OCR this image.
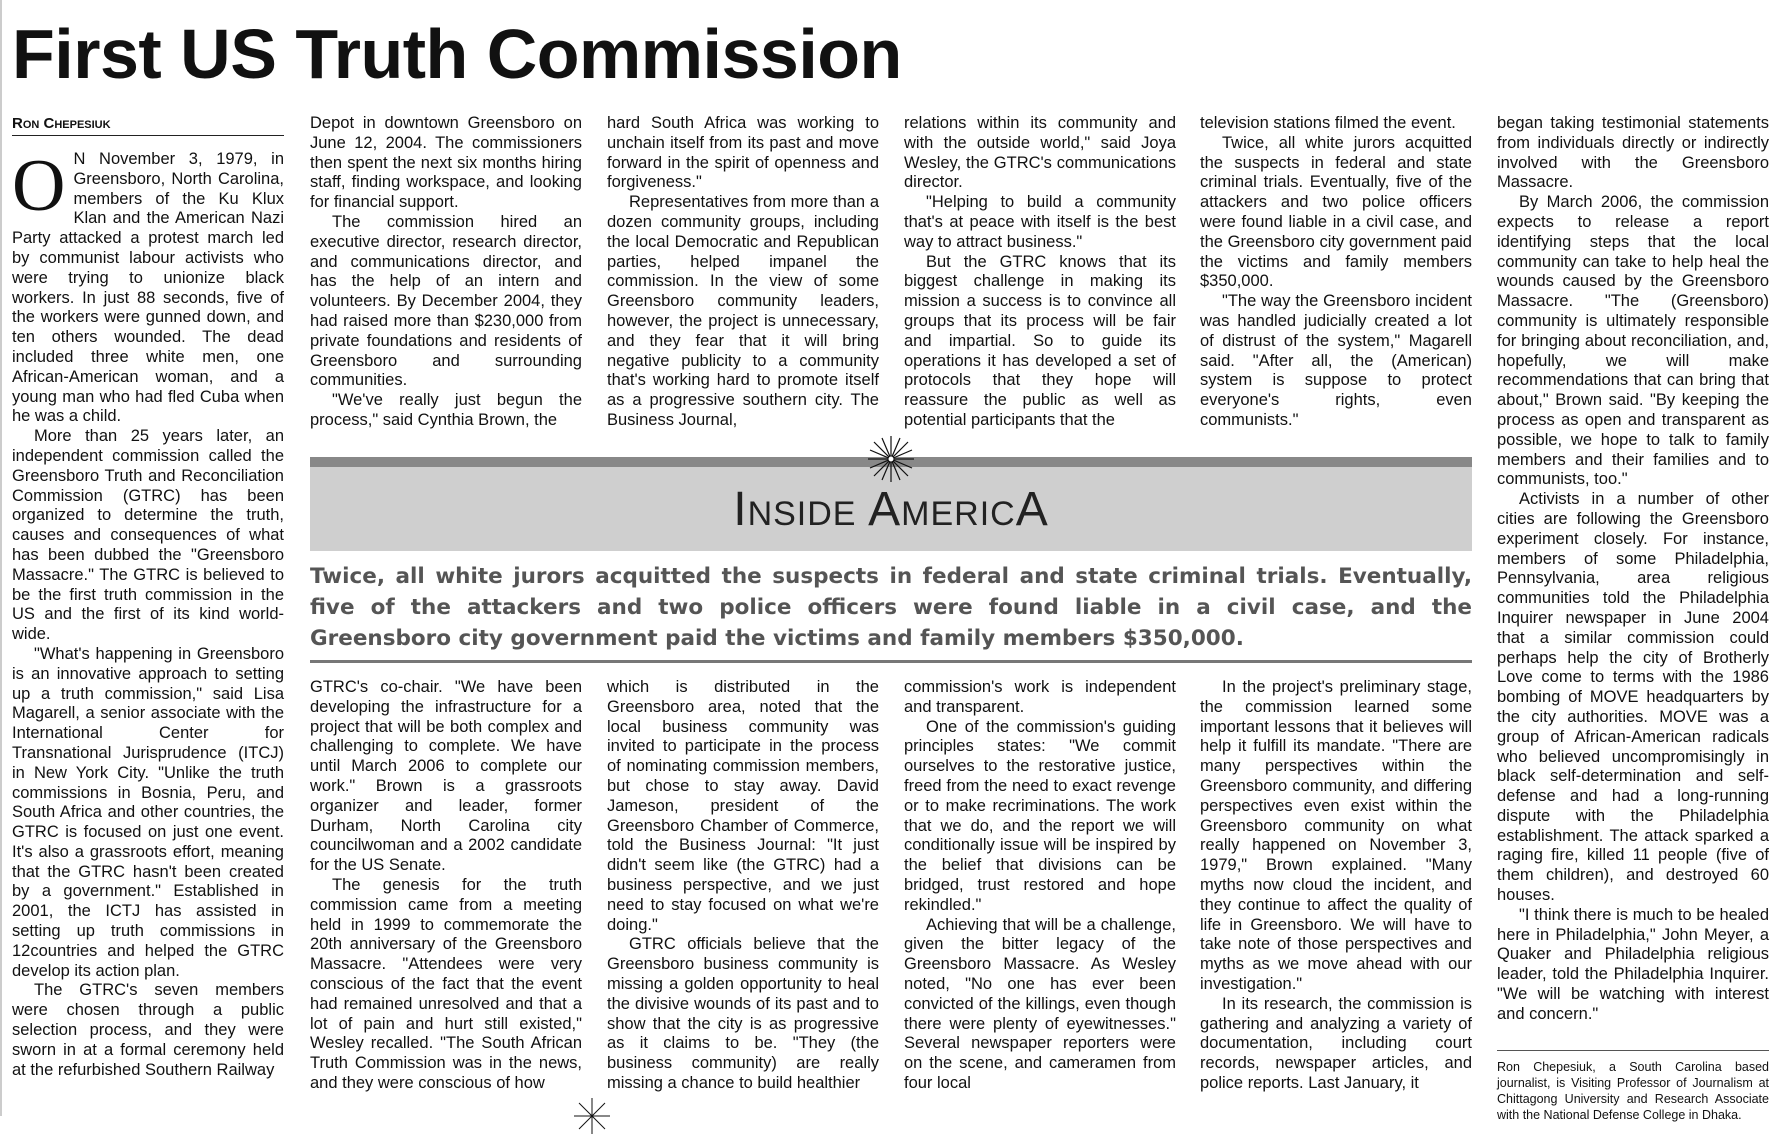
First US Truth Commission
Ron Chepesiuk

O N November 3, 1979, in Greensboro, North Carolina, members of the Ku Klux Klan and the American Nazi Party attacked a protest march led by communist labour activists who were trying to unionize black workers. In just 88 seconds, five of the workers were gunned down, and ten others wounded. The dead included three white men, one African-American woman, and a young man who had fled Cuba when he was a child.

More than 25 years later, an independent commission called the Greensboro Truth and Reconciliation Commission (GTRC) has been organized to determine the truth, causes and consequences of what has been dubbed the "Greensboro Massacre." The GTRC is believed to be the first truth commission in the US and the first of its kind world-wide.

"What's happening in Greensboro is an innovative approach to setting up a truth commission," said Lisa Magarell, a senior associate with the International Center for Transnational Jurisprudence (ITCJ) in New York City. "Unlike the truth commissions in Bosnia, Peru, and South Africa and other countries, the GTRC is focused on just one event. It's also a grassroots effort, meaning that the GTRC hasn't been created by a government." Established in 2001, the ICTJ has assisted in setting up truth commissions in 12countries and helped the GTRC develop its action plan.

The GTRC's seven members were chosen through a public selection process, and they were sworn in at a formal ceremony held at the refurbished Southern Railway

Depot in downtown Greensboro on June 12, 2004. The commissioners then spent the next six months hiring staff, finding workspace, and looking for financial support.

The commission hired an executive director, research director, and communications director, and has the help of an intern and volunteers. By December 2004, they had raised more than $230,000 from private foundations and residents of Greensboro and surrounding communities.

"We've really just begun the process," said Cynthia Brown, the

hard South Africa was working to unchain itself from its past and move forward in the spirit of openness and forgiveness."

Representatives from more than a dozen community groups, including the local Democratic and Republican parties, helped impanel the commission. In the view of some Greensboro community leaders, however, the project is unnecessary, and they fear that it will bring negative publicity to a community that's working hard to promote itself as a progressive southern city. The Business Journal,

relations within its community and with the outside world," said Joya Wesley, the GTRC's communications director.

"Helping to build a community that's at peace with itself is the best way to attract business."

But the GTRC knows that its biggest challenge in making its mission a success is to convince all groups that its process will be fair and impartial. So to guide its operations it has developed a set of protocols that they hope will reassure the public as well as potential participants that the

television stations filmed the event.

Twice, all white jurors acquitted the suspects in federal and state criminal trials. Eventually, five of the attackers and two police officers were found liable in a civil case, and the Greensboro city government paid the victims and family members $350,000.

"The way the Greensboro incident was handled judicially created a lot of distrust of the system," Magarell said. "After all, the (American) system is suppose to protect everyone's rights, even communists."

Inside AmericA
Twice, all white jurors acquitted the suspects in federal and state criminal trials. Eventually, five of the attackers and two police officers were found liable in a civil case, and the Greensboro city government paid the victims and family members $350,000.

GTRC's co-chair. "We have been developing the infrastructure for a project that will be both complex and challenging to complete. We have until March 2006 to complete our work." Brown is a grassroots organizer and leader, former Durham, North Carolina city councilwoman and a 2002 candidate for the US Senate.

The genesis for the truth commission came from a meeting held in 1999 to commemorate the 20th anniversary of the Greensboro Massacre. "Attendees were very conscious of the fact that the event had remained unresolved and that a lot of pain and hurt still existed," Wesley recalled. "The South African Truth Commission was in the news, and they were conscious of how

which is distributed in the Greensboro area, noted that the local business community was invited to participate in the process of nominating commission members, but chose to stay away. David Jameson, president of the Greensboro Chamber of Commerce, told the Business Journal: "It just didn't seem like (the GTRC) had a business perspective, and we just need to stay focused on what we're doing."

GTRC officials believe that the Greensboro business community is missing a golden opportunity to heal the divisive wounds of its past and to show that the city is as progressive as it claims to be. "They (the business community) are really missing a chance to build healthier

commission's work is independent and transparent.

One of the commission's guiding principles states: "We commit ourselves to the restorative justice, freed from the need to exact revenge or to make recriminations. The work that we do, and the report we will conditionally issue will be inspired by the belief that divisions can be bridged, trust restored and hope rekindled."

Achieving that will be a challenge, given the bitter legacy of the Greensboro Massacre. As Wesley noted, "No one has ever been convicted of the killings, even though there were plenty of eyewitnesses." Several newspaper reporters were on the scene, and cameramen from four local

In the project's preliminary stage, the commission learned some important lessons that it believes will help it fulfill its mandate. "There are many perspectives within the Greensboro community, and differing perspectives even exist within the Greensboro community on what really happened on November 3, 1979," Brown explained. "Many myths now cloud the incident, and they continue to affect the quality of life in Greensboro. We will have to take note of those perspectives and myths as we move ahead with our investigation."

In its research, the commission is gathering and analyzing a variety of documentation, including court records, newspaper articles, and police reports. Last January, it

began taking testimonial statements from individuals directly or indirectly involved with the Greensboro Massacre.

By March 2006, the commission expects to release a report identifying steps that the local community can take to help heal the wounds caused by the Greensboro Massacre. "The (Greensboro) community is ultimately responsible for bringing about reconciliation, and, hopefully, we will make recommendations that can bring that about," Brown said. "By keeping the process as open and transparent as possible, we hope to talk to family members and their families and to communists, too."

Activists in a number of other cities are following the Greensboro experiment closely. For instance, members of some Philadelphia, Pennsylvania, area religious communities told the Philadelphia Inquirer newspaper in June 2004 that a similar commission could perhaps help the city of Brotherly Love come to terms with the 1986 bombing of MOVE headquarters by the city authorities. MOVE was a group of African-American radicals who believed uncompromisingly in black self-determination and self-defense and had a long-running dispute with the Philadelphia establishment. The attack sparked a raging fire, killed 11 people (five of them children), and destroyed 60 houses.

"I think there is much to be healed here in Philadelphia," John Meyer, a Quaker and Philadelphia religious leader, told the Philadelphia Inquirer. "We will be watching with interest and concern."

Ron Chepesiuk, a South Carolina based journalist, is Visiting Professor of Journalism at Chittagong University and Research Associate with the National Defense College in Dhaka.
